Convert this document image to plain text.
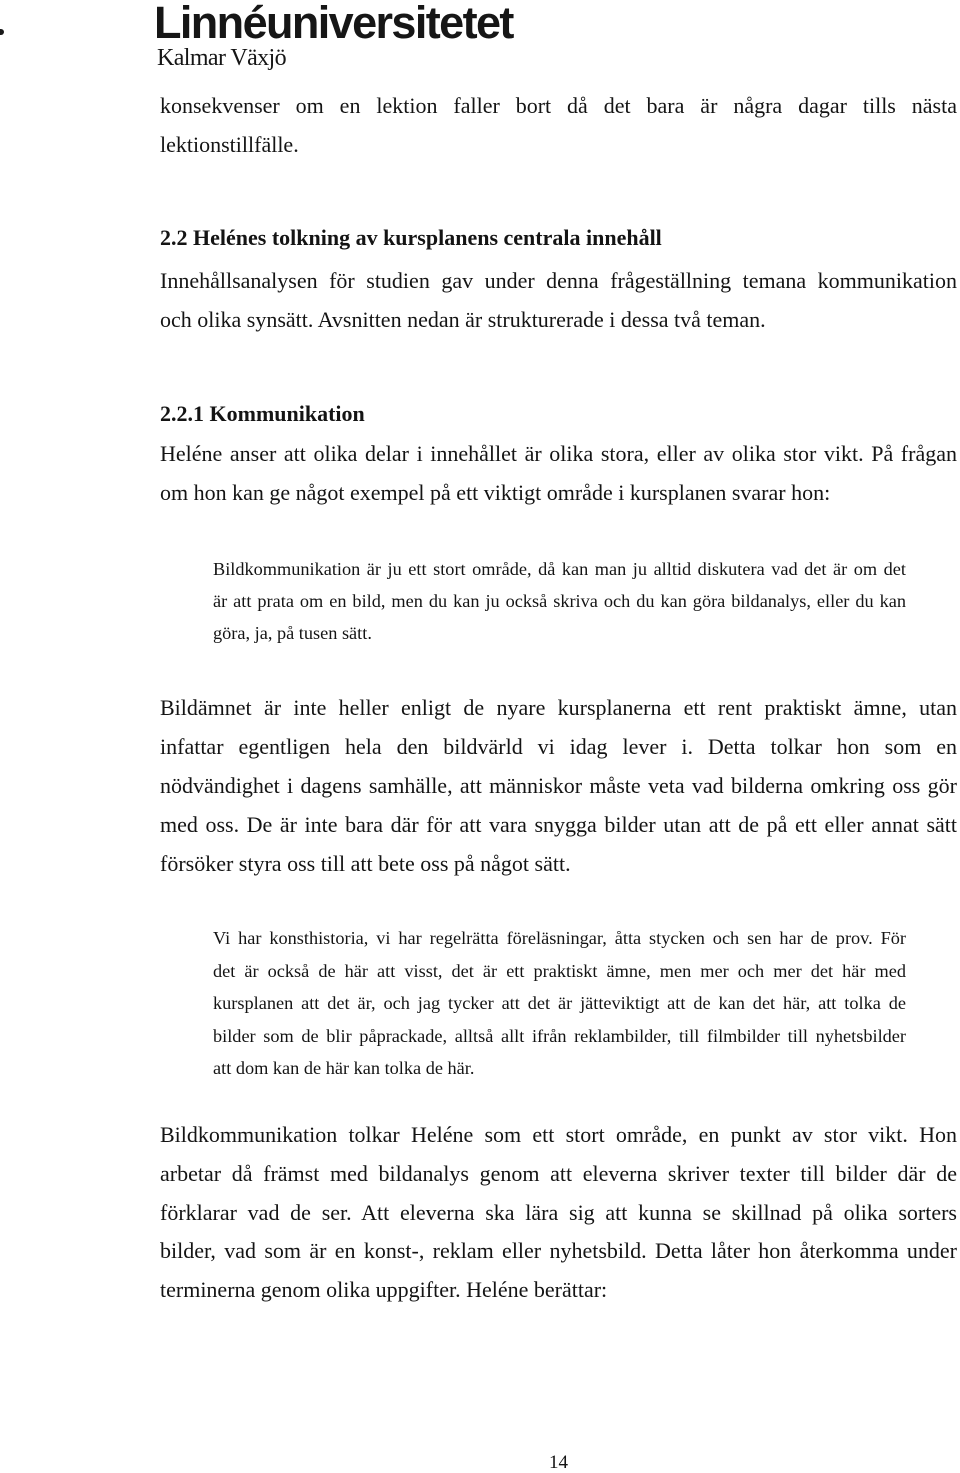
Linnéuniversitetet
Kalmar Växjö
konsekvenser om en lektion faller bort då det bara är några dagar tills nästa
lektionstillfälle.
2.2 Helénes tolkning av kursplanens centrala innehåll
Innehållsanalysen för studien gav under denna frågeställning temana kommunikation
och olika synsätt. Avsnitten nedan är strukturerade i dessa två teman.
2.2.1 Kommunikation
Heléne anser att olika delar i innehållet är olika stora, eller av olika stor vikt. På frågan
om hon kan ge något exempel på ett viktigt område i kursplanen svarar hon:
Bildkommunikation är ju ett stort område, då kan man ju alltid diskutera vad det är om det
är att prata om en bild, men du kan ju också skriva och du kan göra bildanalys, eller du kan
göra, ja, på tusen sätt.
Bildämnet är inte heller enligt de nyare kursplanerna ett rent praktiskt ämne, utan
infattar egentligen hela den bildvärld vi idag lever i. Detta tolkar hon som en
nödvändighet i dagens samhälle, att människor måste veta vad bilderna omkring oss gör
med oss. De är inte bara där för att vara snygga bilder utan att de på ett eller annat sätt
försöker styra oss till att bete oss på något sätt.
Vi har konsthistoria, vi har regelrätta föreläsningar, åtta stycken och sen har de prov. För
det är också de här att visst, det är ett praktiskt ämne, men mer och mer det här med
kursplanen att det är, och jag tycker att det är jätteviktigt att de kan det här, att tolka de
bilder som de blir påprackade, alltså allt ifrån reklambilder, till filmbilder till nyhetsbilder
att dom kan de här kan tolka de här.
Bildkommunikation tolkar Heléne som ett stort område, en punkt av stor vikt. Hon
arbetar då främst med bildanalys genom att eleverna skriver texter till bilder där de
förklarar vad de ser. Att eleverna ska lära sig att kunna se skillnad på olika sorters
bilder, vad som är en konst-, reklam eller nyhetsbild. Detta låter hon återkomma under
terminerna genom olika uppgifter. Heléne berättar:
14
